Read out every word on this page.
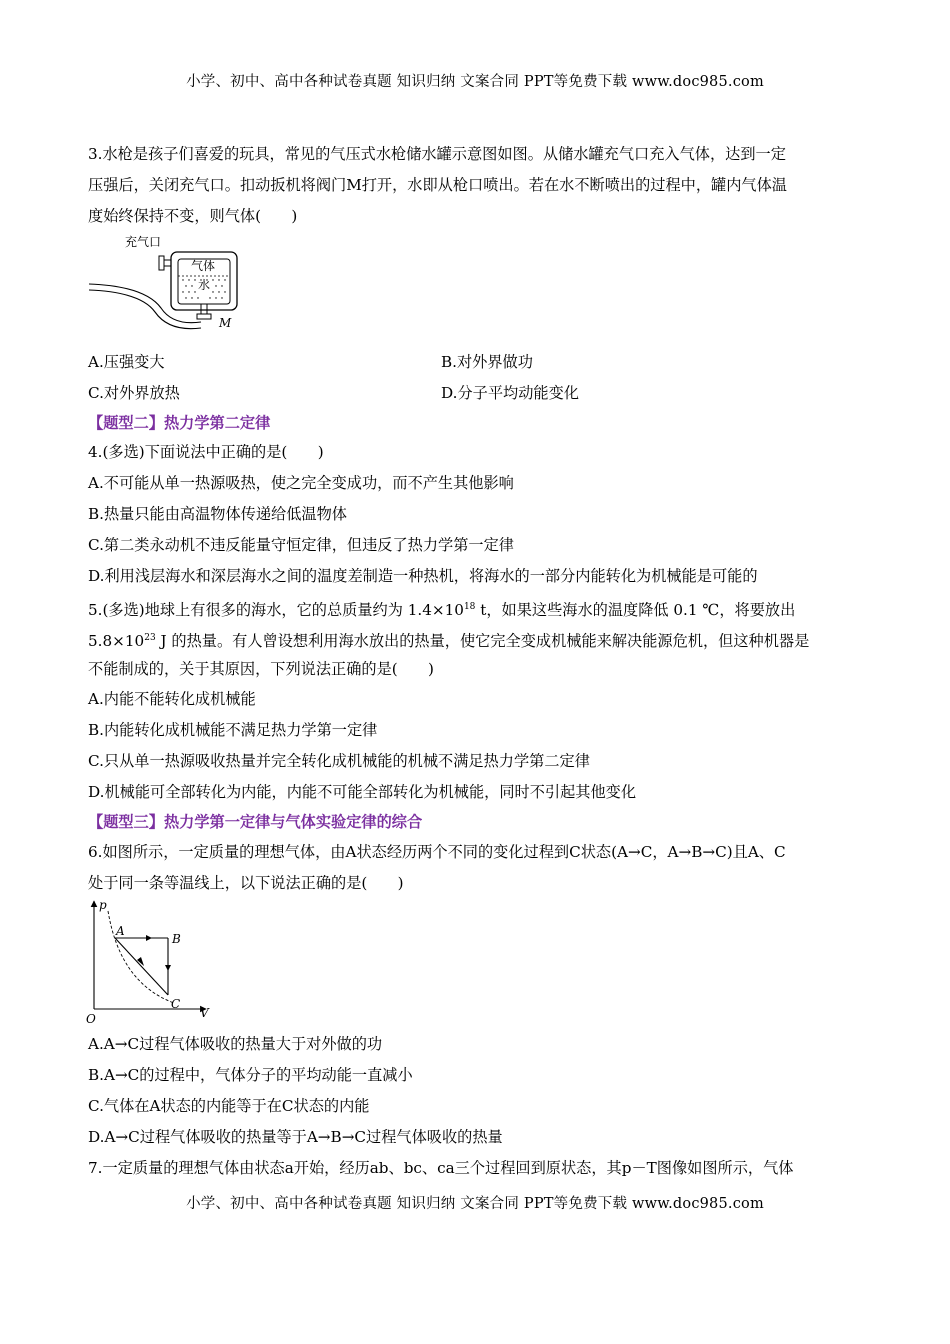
小学、初中、高中各种试卷真题 知识归纳 文案合同 PPT等免费下载 www.doc985.com
3.水枪是孩子们喜爱的玩具，常见的气压式水枪储水罐示意图如图。从储水罐充气口充入气体，达到一定
压强后，关闭充气口。扣动扳机将阀门M打开，水即从枪口喷出。若在水不断喷出的过程中，罐内气体温
度始终保持不变，则气体(　　)
充气口
气体
水
M
A.压强变大	B.对外界做功
C.对外界放热	D.分子平均动能变化
【题型二】热力学第二定律
4.(多选)下面说法中正确的是(　　)
A.不可能从单一热源吸热，使之完全变成功，而不产生其他影响
B.热量只能由高温物体传递给低温物体
C.第二类永动机不违反能量守恒定律，但违反了热力学第一定律
D.利用浅层海水和深层海水之间的温度差制造一种热机，将海水的一部分内能转化为机械能是可能的
5.(多选)地球上有很多的海水，它的总质量约为 $1.4\times 10^{18}$ t，如果这些海水的温度降低 0.1 ℃，将要放出
$5.8\times 10^{23}$ J 的热量。有人曾设想利用海水放出的热量，使它完全变成机械能来解决能源危机，但这种机器是
不能制成的，关于其原因，下列说法正确的是(　　)
A.内能不能转化成机械能
B.内能转化成机械能不满足热力学第一定律
C.只从单一热源吸收热量并完全转化成机械能的机械不满足热力学第二定律
D.机械能可全部转化为内能，内能不可能全部转化为机械能，同时不引起其他变化
【题型三】热力学第一定律与气体实验定律的综合
6.如图所示，一定质量的理想气体，由A状态经历两个不同的变化过程到C状态(A→C，A→B→C)且A、C
处于同一条等温线上，以下说法正确的是(　　)
p
V
O
A
B
C
A.A→C过程气体吸收的热量大于对外做的功
B.A→C的过程中，气体分子的平均动能一直减小
C.气体在A状态的内能等于在C状态的内能
D.A→C过程气体吸收的热量等于A→B→C过程气体吸收的热量
7.一定质量的理想气体由状态a开始，经历ab、bc、ca三个过程回到原状态，其p－T图像如图所示，气体
小学、初中、高中各种试卷真题 知识归纳 文案合同 PPT等免费下载 www.doc985.com
